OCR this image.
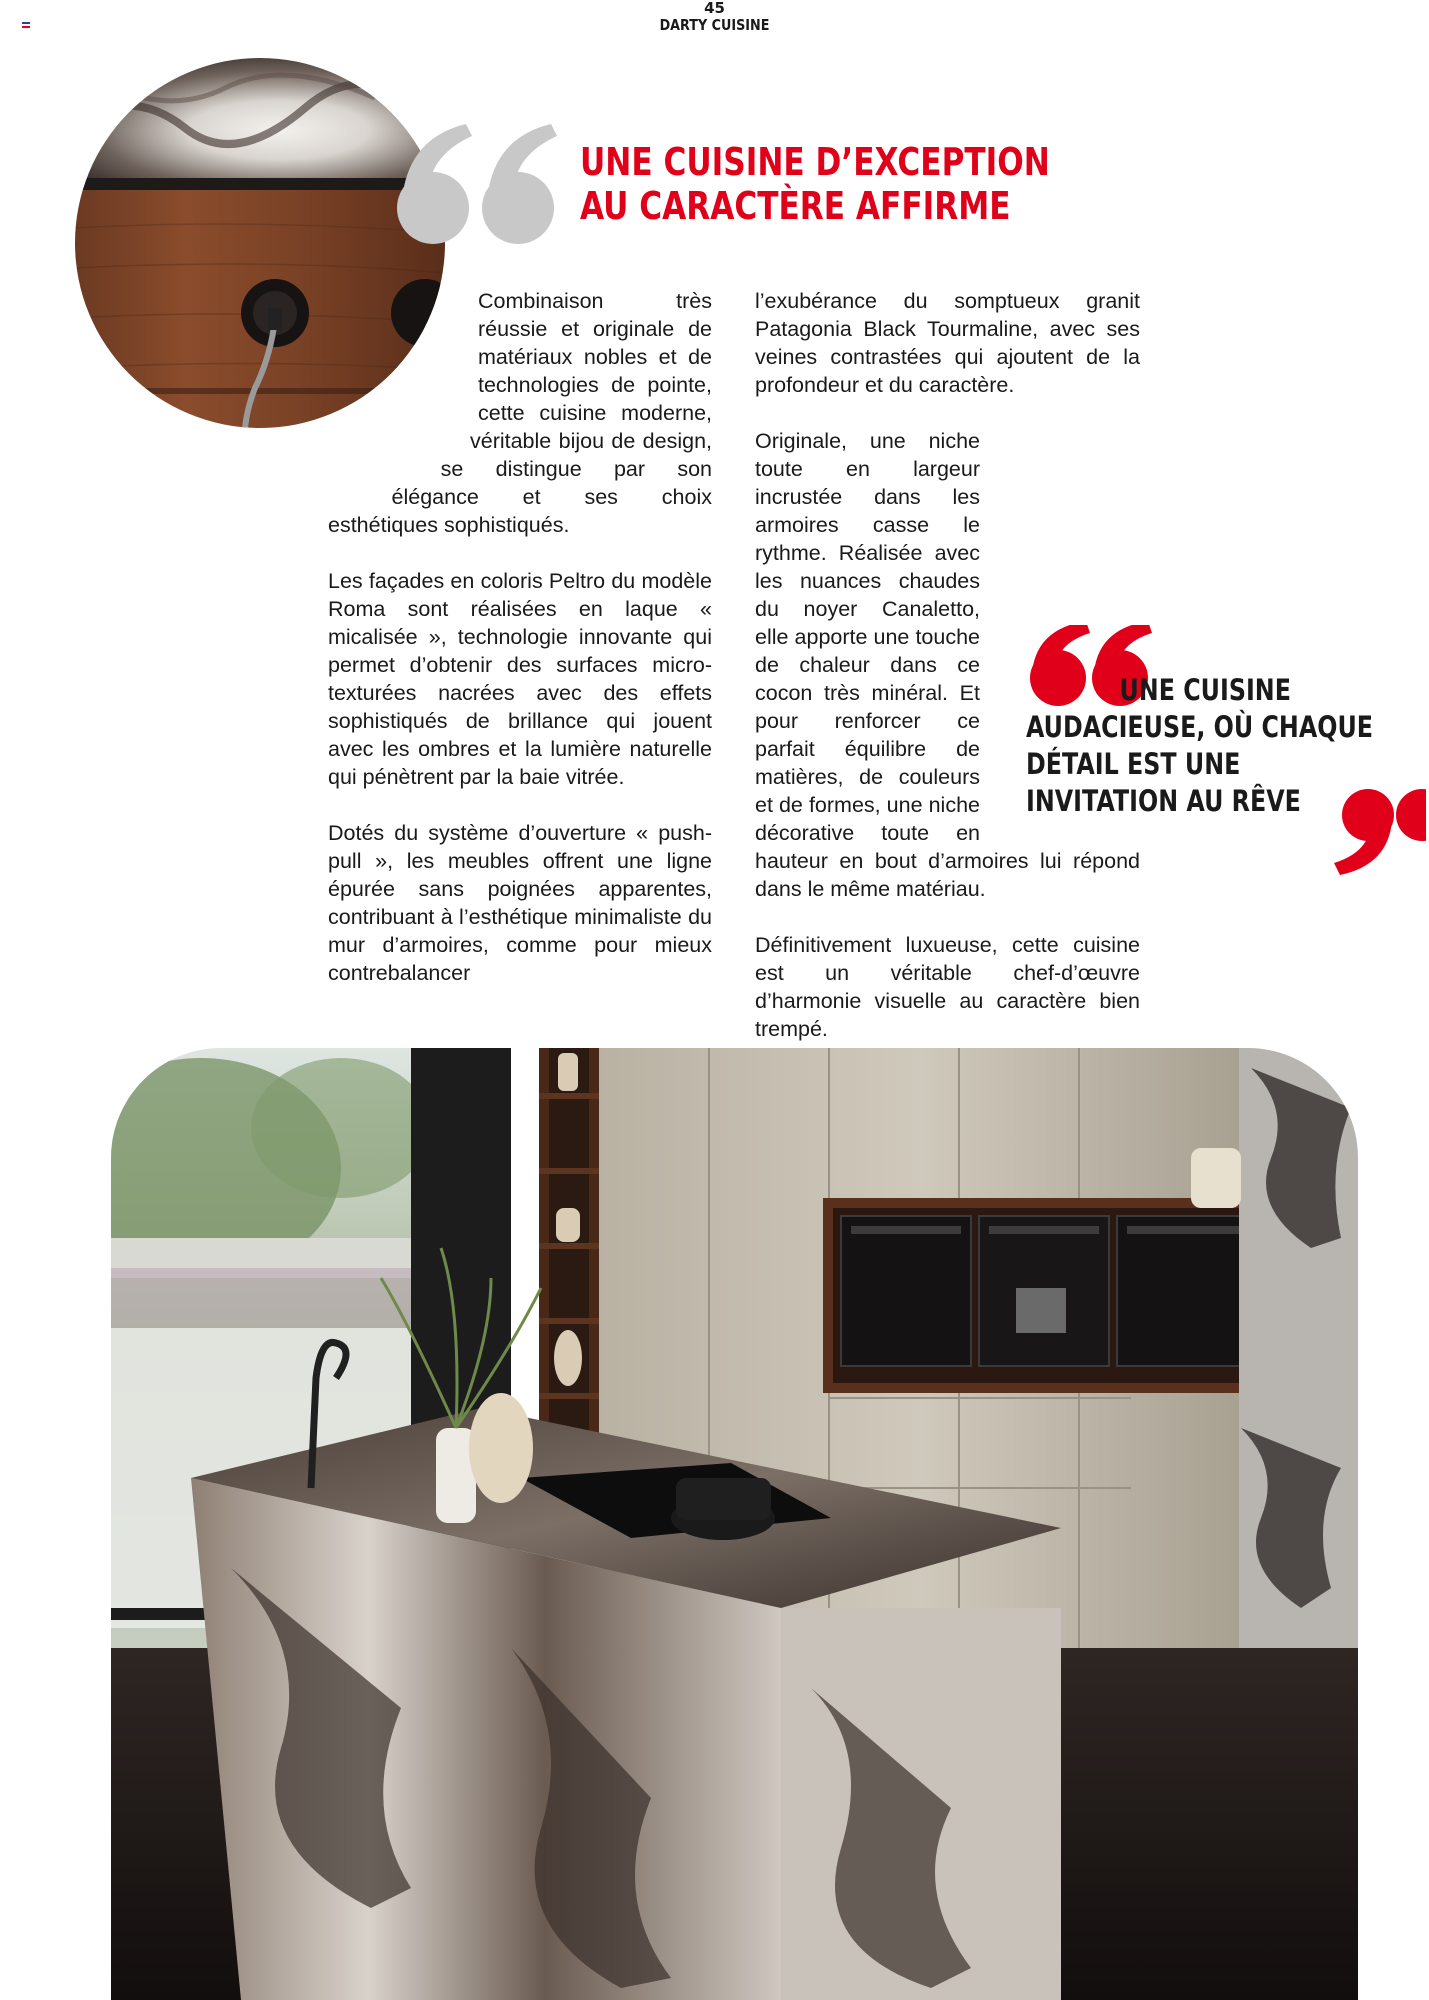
45
DARTY CUISINE
UNE CUISINE D’EXCEPTION
AU CARACTÈRE AFFIRME

Combinaison très réussie et originale de matériaux nobles et de technologies de pointe, cette cuisine moderne, véritable bijou de design, se distingue par son élégance et ses choix esthétiques sophistiqués.

Les façades en coloris Peltro du modèle Roma sont réalisées en laque « micalisée », technologie innovante qui permet d’obtenir des surfaces micro-texturées nacrées avec des effets sophistiqués de brillance qui jouent avec les ombres et la lumière naturelle qui pénètrent par la baie vitrée.

Dotés du système d’ouverture « push-pull », les meubles offrent une ligne épurée sans poignées apparentes, contribuant à l’esthétique minimaliste du mur d’armoires, comme pour mieux contrebalancer

l’exubérance du somptueux granit Patagonia Black Tourmaline, avec ses veines contrastées qui ajoutent de la profondeur et du caractère.

Originale, une niche toute en largeur incrustée dans les armoires casse le rythme. Réalisée avec les nuances chaudes du noyer Canaletto, elle apporte une touche de chaleur dans ce cocon très minéral. Et pour renforcer ce parfait équilibre de matières, de couleurs et de formes, une niche décorative toute en hauteur en bout d’armoires lui répond dans le même matériau.

Définitivement luxueuse, cette cuisine est un véritable chef-d’œuvre d’harmonie visuelle au caractère bien trempé.

UNE CUISINE
AUDACIEUSE, OÙ CHAQUE
DÉTAIL EST UNE
INVITATION AU RÊVE
